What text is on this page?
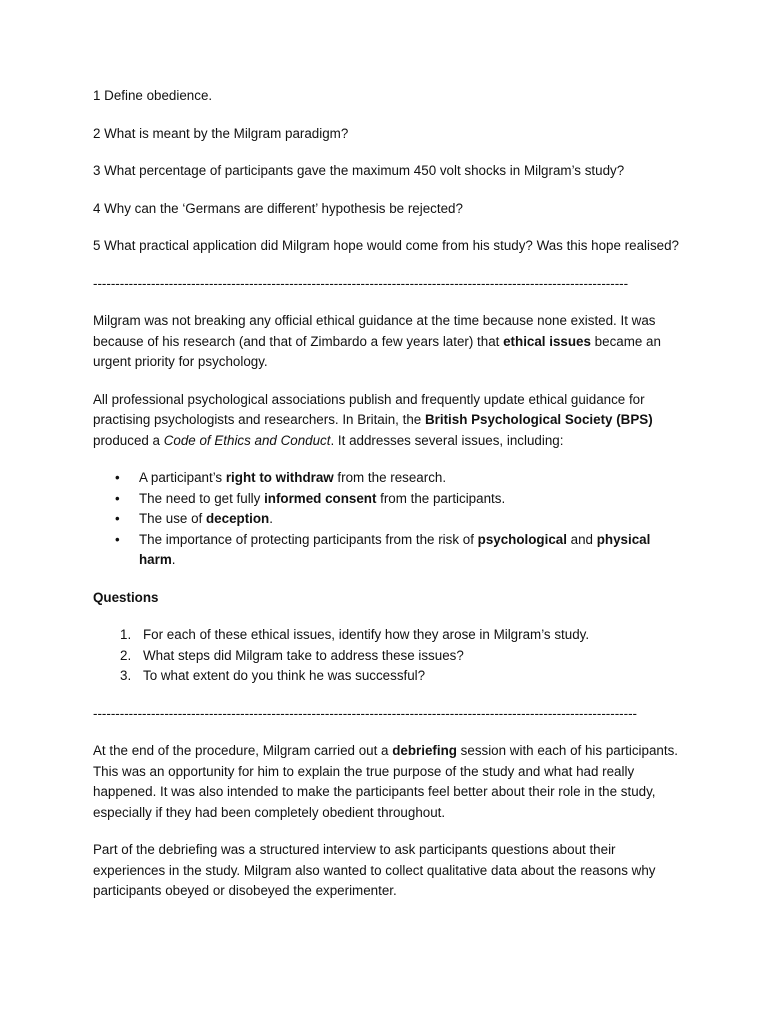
1 Define obedience.

2 What is meant by the Milgram paradigm?

3 What percentage of participants gave the maximum 450 volt shocks in Milgram’s study?

4 Why can the ‘Germans are different’ hypothesis be rejected?

5 What practical application did Milgram hope would come from his study? Was this hope realised?

------------------------------------------------------------------------------------------------------------------------

Milgram was not breaking any official ethical guidance at the time because none existed. It was because of his research (and that of Zimbardo a few years later) that ethical issues became an urgent priority for psychology.

All professional psychological associations publish and frequently update ethical guidance for practising psychologists and researchers. In Britain, the British Psychological Society (BPS) produced a Code of Ethics and Conduct. It addresses several issues, including:

• A participant’s right to withdraw from the research.
• The need to get fully informed consent from the participants.
• The use of deception.
• The importance of protecting participants from the risk of psychological and physical harm.

Questions

1. For each of these ethical issues, identify how they arose in Milgram’s study.
2. What steps did Milgram take to address these issues?
3. To what extent do you think he was successful?

--------------------------------------------------------------------------------------------------------------------------

At the end of the procedure, Milgram carried out a debriefing session with each of his participants. This was an opportunity for him to explain the true purpose of the study and what had really happened. It was also intended to make the participants feel better about their role in the study, especially if they had been completely obedient throughout.

Part of the debriefing was a structured interview to ask participants questions about their experiences in the study. Milgram also wanted to collect qualitative data about the reasons why participants obeyed or disobeyed the experimenter.
